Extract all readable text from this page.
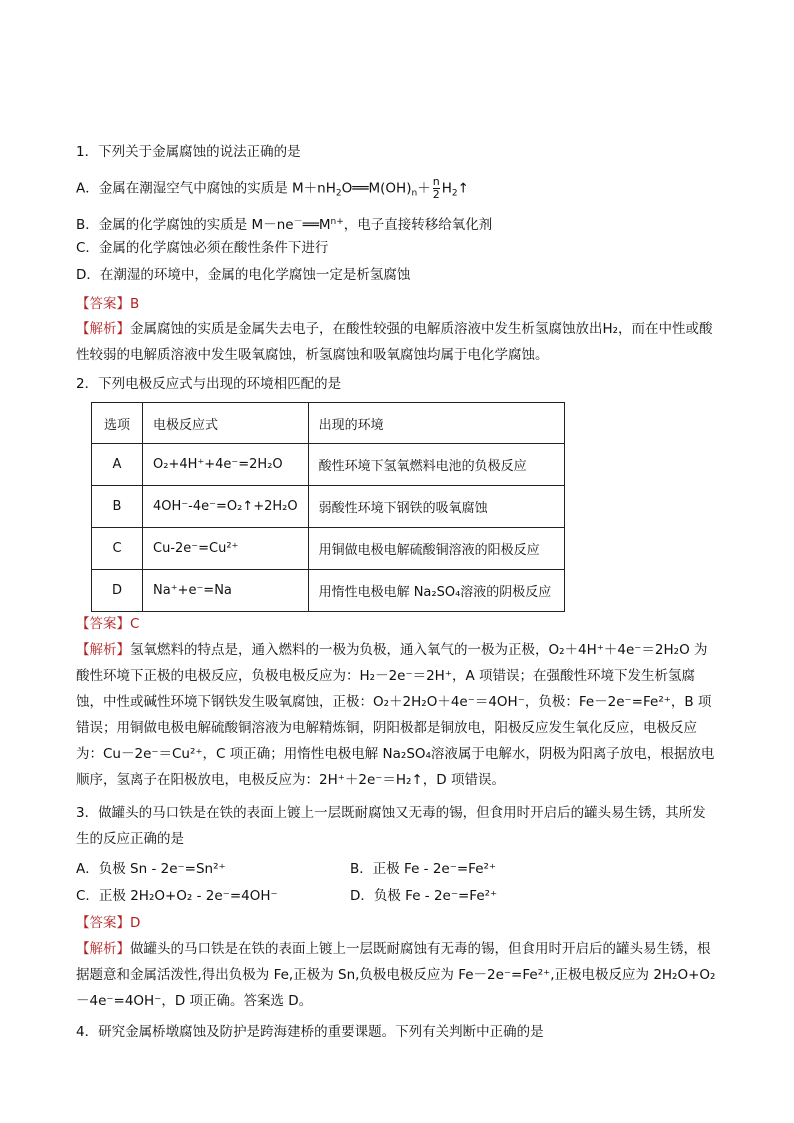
1．下列关于金属腐蚀的说法正确的是
A．金属在潮湿空气中腐蚀的实质是 $M+nH_2O══M(OH)_n+ \frac{n}{2}$ $H_2↑$
B．金属的化学腐蚀的实质是 $M-ne^-══M^{n+}$，电子直接转移给氧化剂
C．金属的化学腐蚀必须在酸性条件下进行
D．在潮湿的环境中，金属的电化学腐蚀一定是析氢腐蚀
【答案】B
【解析】金属腐蚀的实质是金属失去电子，在酸性较强的电解质溶液中发生析氢腐蚀放出H₂，而在中性或酸性较弱的电解质溶液中发生吸氧腐蚀，析氢腐蚀和吸氧腐蚀均属于电化学腐蚀。
2．下列电极反应式与出现的环境相匹配的是
选项	电极反应式	出现的环境
A	O₂+4H⁺+4e⁻=2H₂O	酸性环境下氢氧燃料电池的负极反应
B	4OH⁻-4e⁻=O₂↑+2H₂O	弱酸性环境下钢铁的吸氧腐蚀
C	Cu-2e⁻=Cu²⁺	用铜做电极电解硫酸铜溶液的阳极反应
D	Na⁺+e⁻=Na	用惰性电极电解 Na₂SO₄溶液的阴极反应
【答案】C
【解析】氢氧燃料的特点是，通入燃料的一极为负极，通入氧气的一极为正极，O₂＋4H⁺＋4e⁻＝2H₂O 为酸性环境下正极的电极反应，负极电极反应为：H₂－2e⁻＝2H⁺，A 项错误；在强酸性环境下发生析氢腐蚀，中性或碱性环境下钢铁发生吸氧腐蚀，正极：O₂＋2H₂O＋4e⁻＝4OH⁻，负极：Fe－2e⁻=Fe²⁺，B 项错误；用铜做电极电解硫酸铜溶液为电解精炼铜，阴阳极都是铜放电，阳极反应发生氧化反应，电极反应为：Cu－2e⁻＝Cu²⁺，C 项正确；用惰性电极电解 Na₂SO₄溶液属于电解水，阴极为阳离子放电，根据放电顺序，氢离子在阳极放电，电极反应为：2H⁺＋2e⁻＝H₂↑，D 项错误。
3．做罐头的马口铁是在铁的表面上镀上一层既耐腐蚀又无毒的锡，但食用时开启后的罐头易生锈，其所发生的反应正确的是
A．负极 Sn - 2e⁻=Sn²⁺	B．正极 Fe - 2e⁻=Fe²⁺
C．正极 2H₂O+O₂ - 2e⁻=4OH⁻	D．负极 Fe - 2e⁻=Fe²⁺
【答案】D
【解析】做罐头的马口铁是在铁的表面上镀上一层既耐腐蚀有无毒的锡，但食用时开启后的罐头易生锈，根据题意和金属活泼性,得出负极为 Fe,正极为 Sn,负极电极反应为 Fe－2e⁻=Fe²⁺,正极电极反应为 2H₂O+O₂－4e⁻=4OH⁻，D 项正确。答案选 D。
4．研究金属桥墩腐蚀及防护是跨海建桥的重要课题。下列有关判断中正确的是
